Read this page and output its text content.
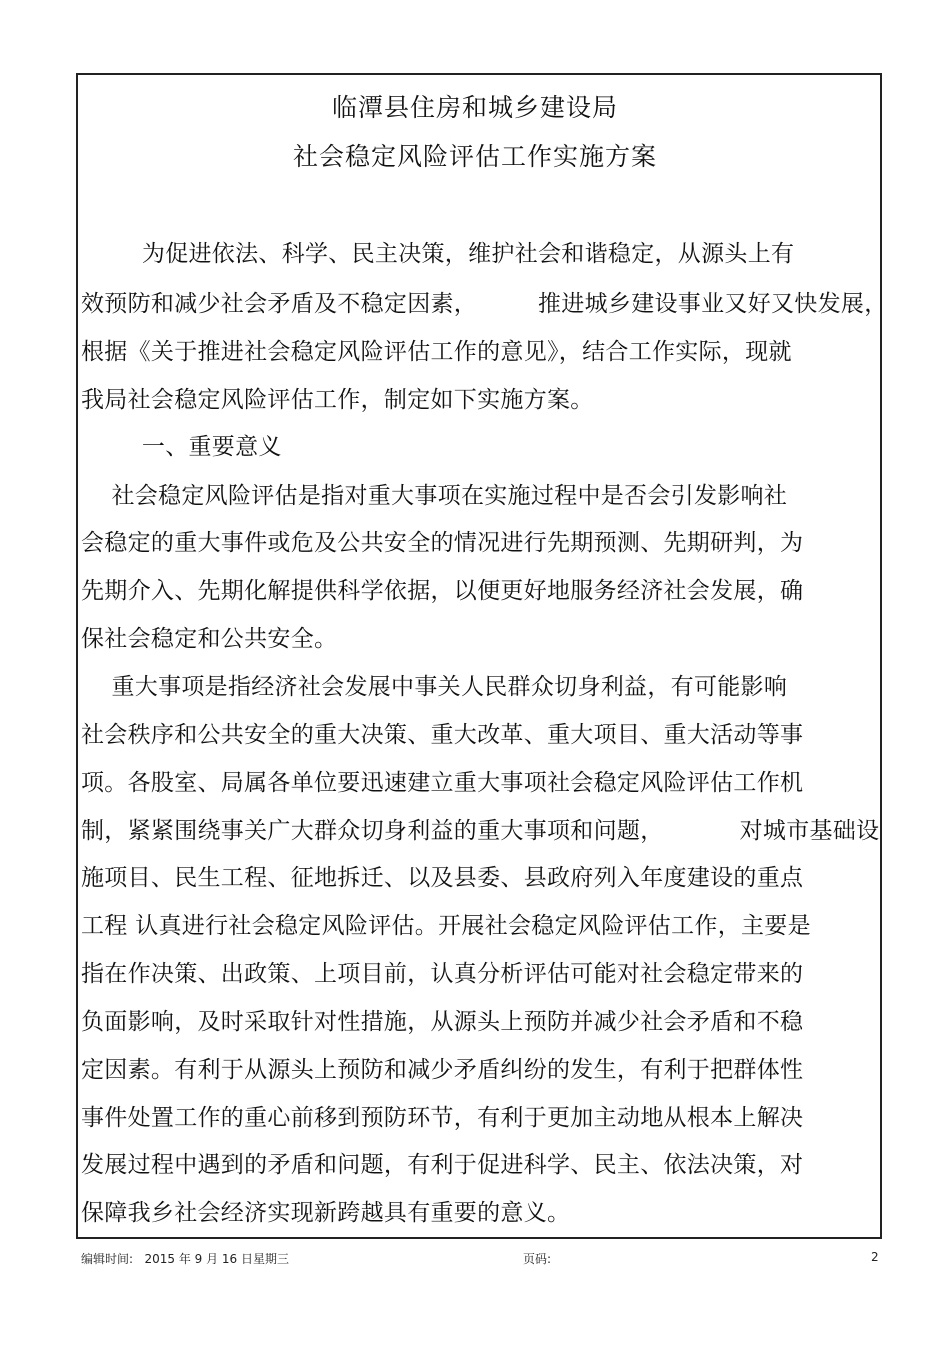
临潭县住房和城乡建设局
社会稳定风险评估工作实施方案
为促进依法、科学、民主决策，维护社会和谐稳定，从源头上有
效预防和减少社会矛盾及不稳定因素，        推进城乡建设事业又好又快发展，
根据《关于推进社会稳定风险评估工作的意见》，结合工作实际，现就
我局社会稳定风险评估工作，制定如下实施方案。
一、重要意义
社会稳定风险评估是指对重大事项在实施过程中是否会引发影响社
会稳定的重大事件或危及公共安全的情况进行先期预测、先期研判，为
先期介入、先期化解提供科学依据，以便更好地服务经济社会发展，确
保社会稳定和公共安全。
重大事项是指经济社会发展中事关人民群众切身利益，有可能影响
社会秩序和公共安全的重大决策、重大改革、重大项目、重大活动等事
项。各股室、局属各单位要迅速建立重大事项社会稳定风险评估工作机
制，紧紧围绕事关广大群众切身利益的重大事项和问题，          对城市基础设
施项目、民生工程、征地拆迁、以及县委、县政府列入年度建设的重点
工程 认真进行社会稳定风险评估。开展社会稳定风险评估工作，主要是
指在作决策、出政策、上项目前，认真分析评估可能对社会稳定带来的
负面影响，及时采取针对性措施，从源头上预防并减少社会矛盾和不稳
定因素。有利于从源头上预防和减少矛盾纠纷的发生，有利于把群体性
事件处置工作的重心前移到预防环节，有利于更加主动地从根本上解决
发展过程中遇到的矛盾和问题，有利于促进科学、民主、依法决策，对
保障我乡社会经济实现新跨越具有重要的意义。
编辑时间:   2015 年 9 月 16 日星期三	页码:	2
